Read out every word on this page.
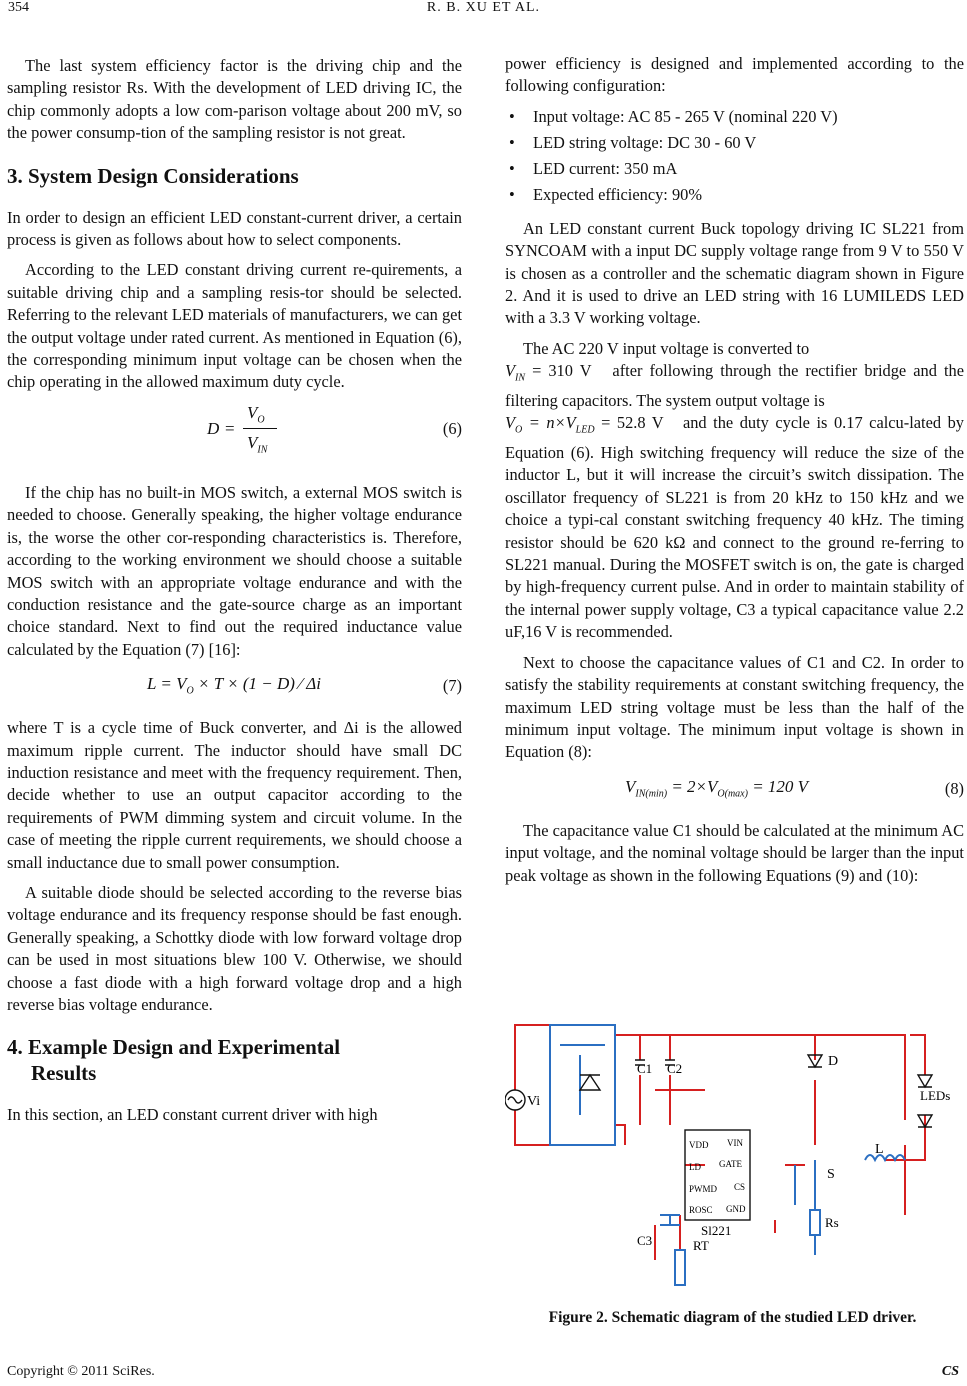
354	R. B. XU ET AL.

The last system efficiency factor is the driving chip and the sampling resistor Rs. With the development of LED driving IC, the chip commonly adopts a low com-parison voltage about 200 mV, so the power consump-tion of the sampling resistor is not great.

3. System Design Considerations

In order to design an efficient LED constant-current driver, a certain process is given as follows about how to select components.

According to the LED constant driving current re-quirements, a suitable driving chip and a sampling resis-tor should be selected. Referring to the relevant LED materials of manufacturers, we can get the output voltage under rated current. As mentioned in Equation (6), the corresponding minimum input voltage can be chosen when the chip operating in the allowed maximum duty cycle.

D =
$V_O$
$V_{IN}$
(6)

If the chip has no built-in MOS switch, a external MOS switch is needed to choose. Generally speaking, the higher voltage endurance is, the worse the other cor-responding characteristics is. Therefore, according to the working environment we should choose a suitable MOS switch with an appropriate voltage endurance and with the conduction resistance and the gate-source charge as an important choice standard. Next to find out the required inductance value calculated by the Equation (7) [16]:

$L = V_O \times T \times (1 - D)$ ⁄ Δi	(7)

where T is a cycle time of Buck converter, and Δi is the allowed maximum ripple current. The inductor should have small DC induction resistance and meet with the frequency requirement. Then, decide whether to use an output capacitor according to the requirements of PWM dimming system and circuit volume. In the case of meeting the ripple current requirements, we should choose a small inductance due to small power consumption.

A suitable diode should be selected according to the reverse bias voltage endurance and its frequency response should be fast enough. Generally speaking, a Schottky diode with low forward voltage drop can be used in most situations blew 100 V. Otherwise, we should choose a fast diode with a high forward voltage drop and a high reverse bias voltage endurance.

4. Example Design and Experimental
Results

In this section, an LED constant current driver with high

power efficiency is designed and implemented according to the following configuration:

• Input voltage: AC 85 - 265 V (nominal 220 V)
• LED string voltage: DC 30 - 60 V
• LED current: 350 mA
• Expected efficiency: 90%

An LED constant current Buck topology driving IC SL221 from SYNCOAM with a input DC supply voltage range from 9 V to 550 V is chosen as a controller and the schematic diagram shown in Figure 2. And it is used to drive an LED string with 16 LUMILEDS LED with a 3.3 V working voltage.

The AC 220 V input voltage is converted to

$V_{IN} = 310$ V   after following through the rectifier bridge and the filtering capacitors. The system output voltage is

$V_O = n\times V_{LED} = 52.8$ V   and the duty cycle is 0.17 calcu-lated by Equation (6). High switching frequency will reduce the size of the inductor L, but it will increase the circuit’s switch dissipation. The oscillator frequency of SL221 is from 20 kHz to 150 kHz and we choice a typi-cal constant switching frequency 40 kHz. The timing resistor should be 620 kΩ and connect to the ground re-ferring to SL221 manual. During the MOSFET switch is on, the gate is charged by high-frequency current pulse. And in order to maintain stability of the internal power supply voltage, C3 a typical capacitance value 2.2 uF,16 V is recommended.

Next to choose the capacitance values of C1 and C2. In order to satisfy the stability requirements at constant switching frequency, the maximum LED string voltage must be less than the half of the minimum input voltage. The minimum input voltage is shown in Equation (8):

$V_{IN(min)} = 2\times V_{O(max)} = 120$ V	(8)

The capacitance value C1 should be calculated at the minimum AC input voltage, and the nominal voltage should be larger than the input peak voltage as shown in the following Equations (9) and (10):

Vi
C1 C2	D
S
L
LEDs
Rs
C3	RT
Sl221
VDD
LD
PWMD
ROSC
VIN
GATE
CS
GND
Figure 2. Schematic diagram of the studied LED driver.
Copyright © 2011 SciRes.	CS
